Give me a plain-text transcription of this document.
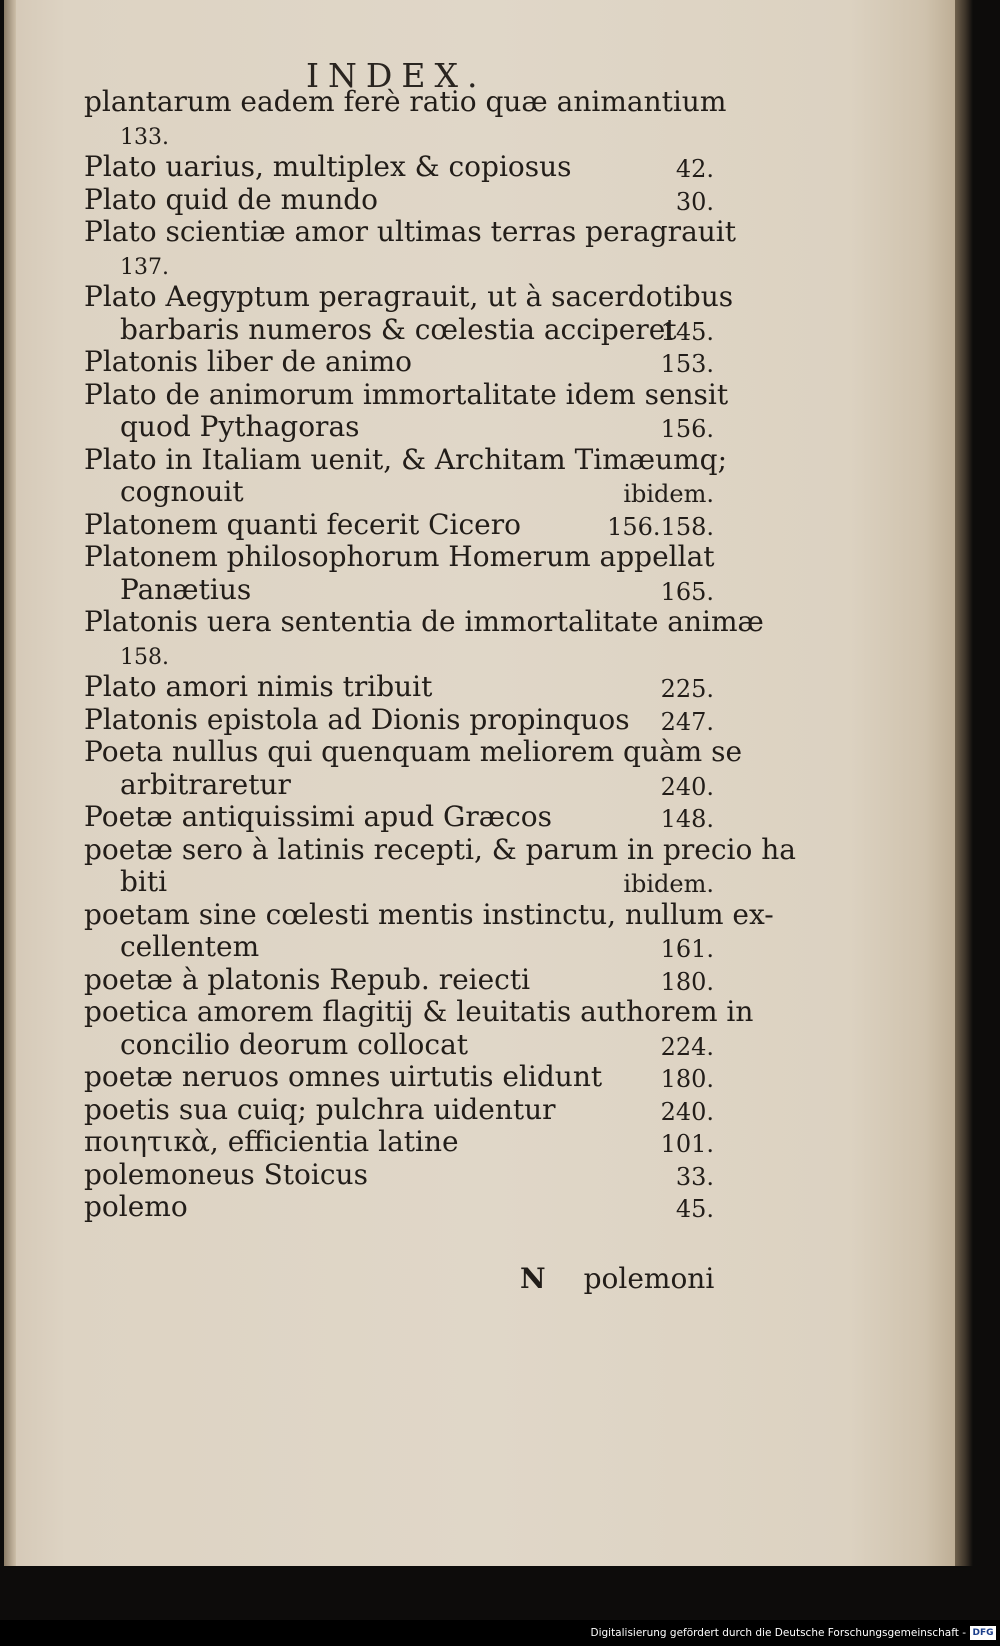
INDEX.
plantarum eadem ferè ratio quæ animantium
133.
Plato uarius, multiplex & copiosus	42.
Plato quid de mundo	30.
Plato scientiæ amor ultimas terras peragrauit
137.
Plato Aegyptum peragrauit, ut à sacerdotibus
barbaris numeros & cœlestia acciperet
145.
Platonis liber de animo	153.
Plato de animorum immortalitate idem sensit
quod Pythagoras	156.
Plato in Italiam uenit, & Architam Timæumq;
cognouit	ibidem.
Platonem quanti fecerit Cicero	156.158.
Platonem philosophorum Homerum appellat
Panætius	165.
Platonis uera sententia de immortalitate animæ
158.
Plato amori nimis tribuit	225.
Platonis epistola ad Dionis propinquos 247.
Poeta nullus qui quenquam meliorem quàm se
arbitraretur	240.
Poetæ antiquissimi apud Græcos	148.
poetæ sero à latinis recepti, & parum in precio ha
biti	ibidem.
poetam sine cœlesti mentis instinctu, nullum ex-
cellentem	161.
poetæ à platonis Repub. reiecti	180.
poetica amorem flagitij & leuitatis authorem in
concilio deorum collocat	224.
poetæ neruos omnes uirtutis elidunt 180.
poetis sua cuiq; pulchra uidentur	240.
ποιητικὰ, efficientia latine	101.
polemoneus Stoicus	33.
polemo	45.
N polemoni
Digitalisierung gefördert durch die Deutsche Forschungsgemeinschaft - DFG
